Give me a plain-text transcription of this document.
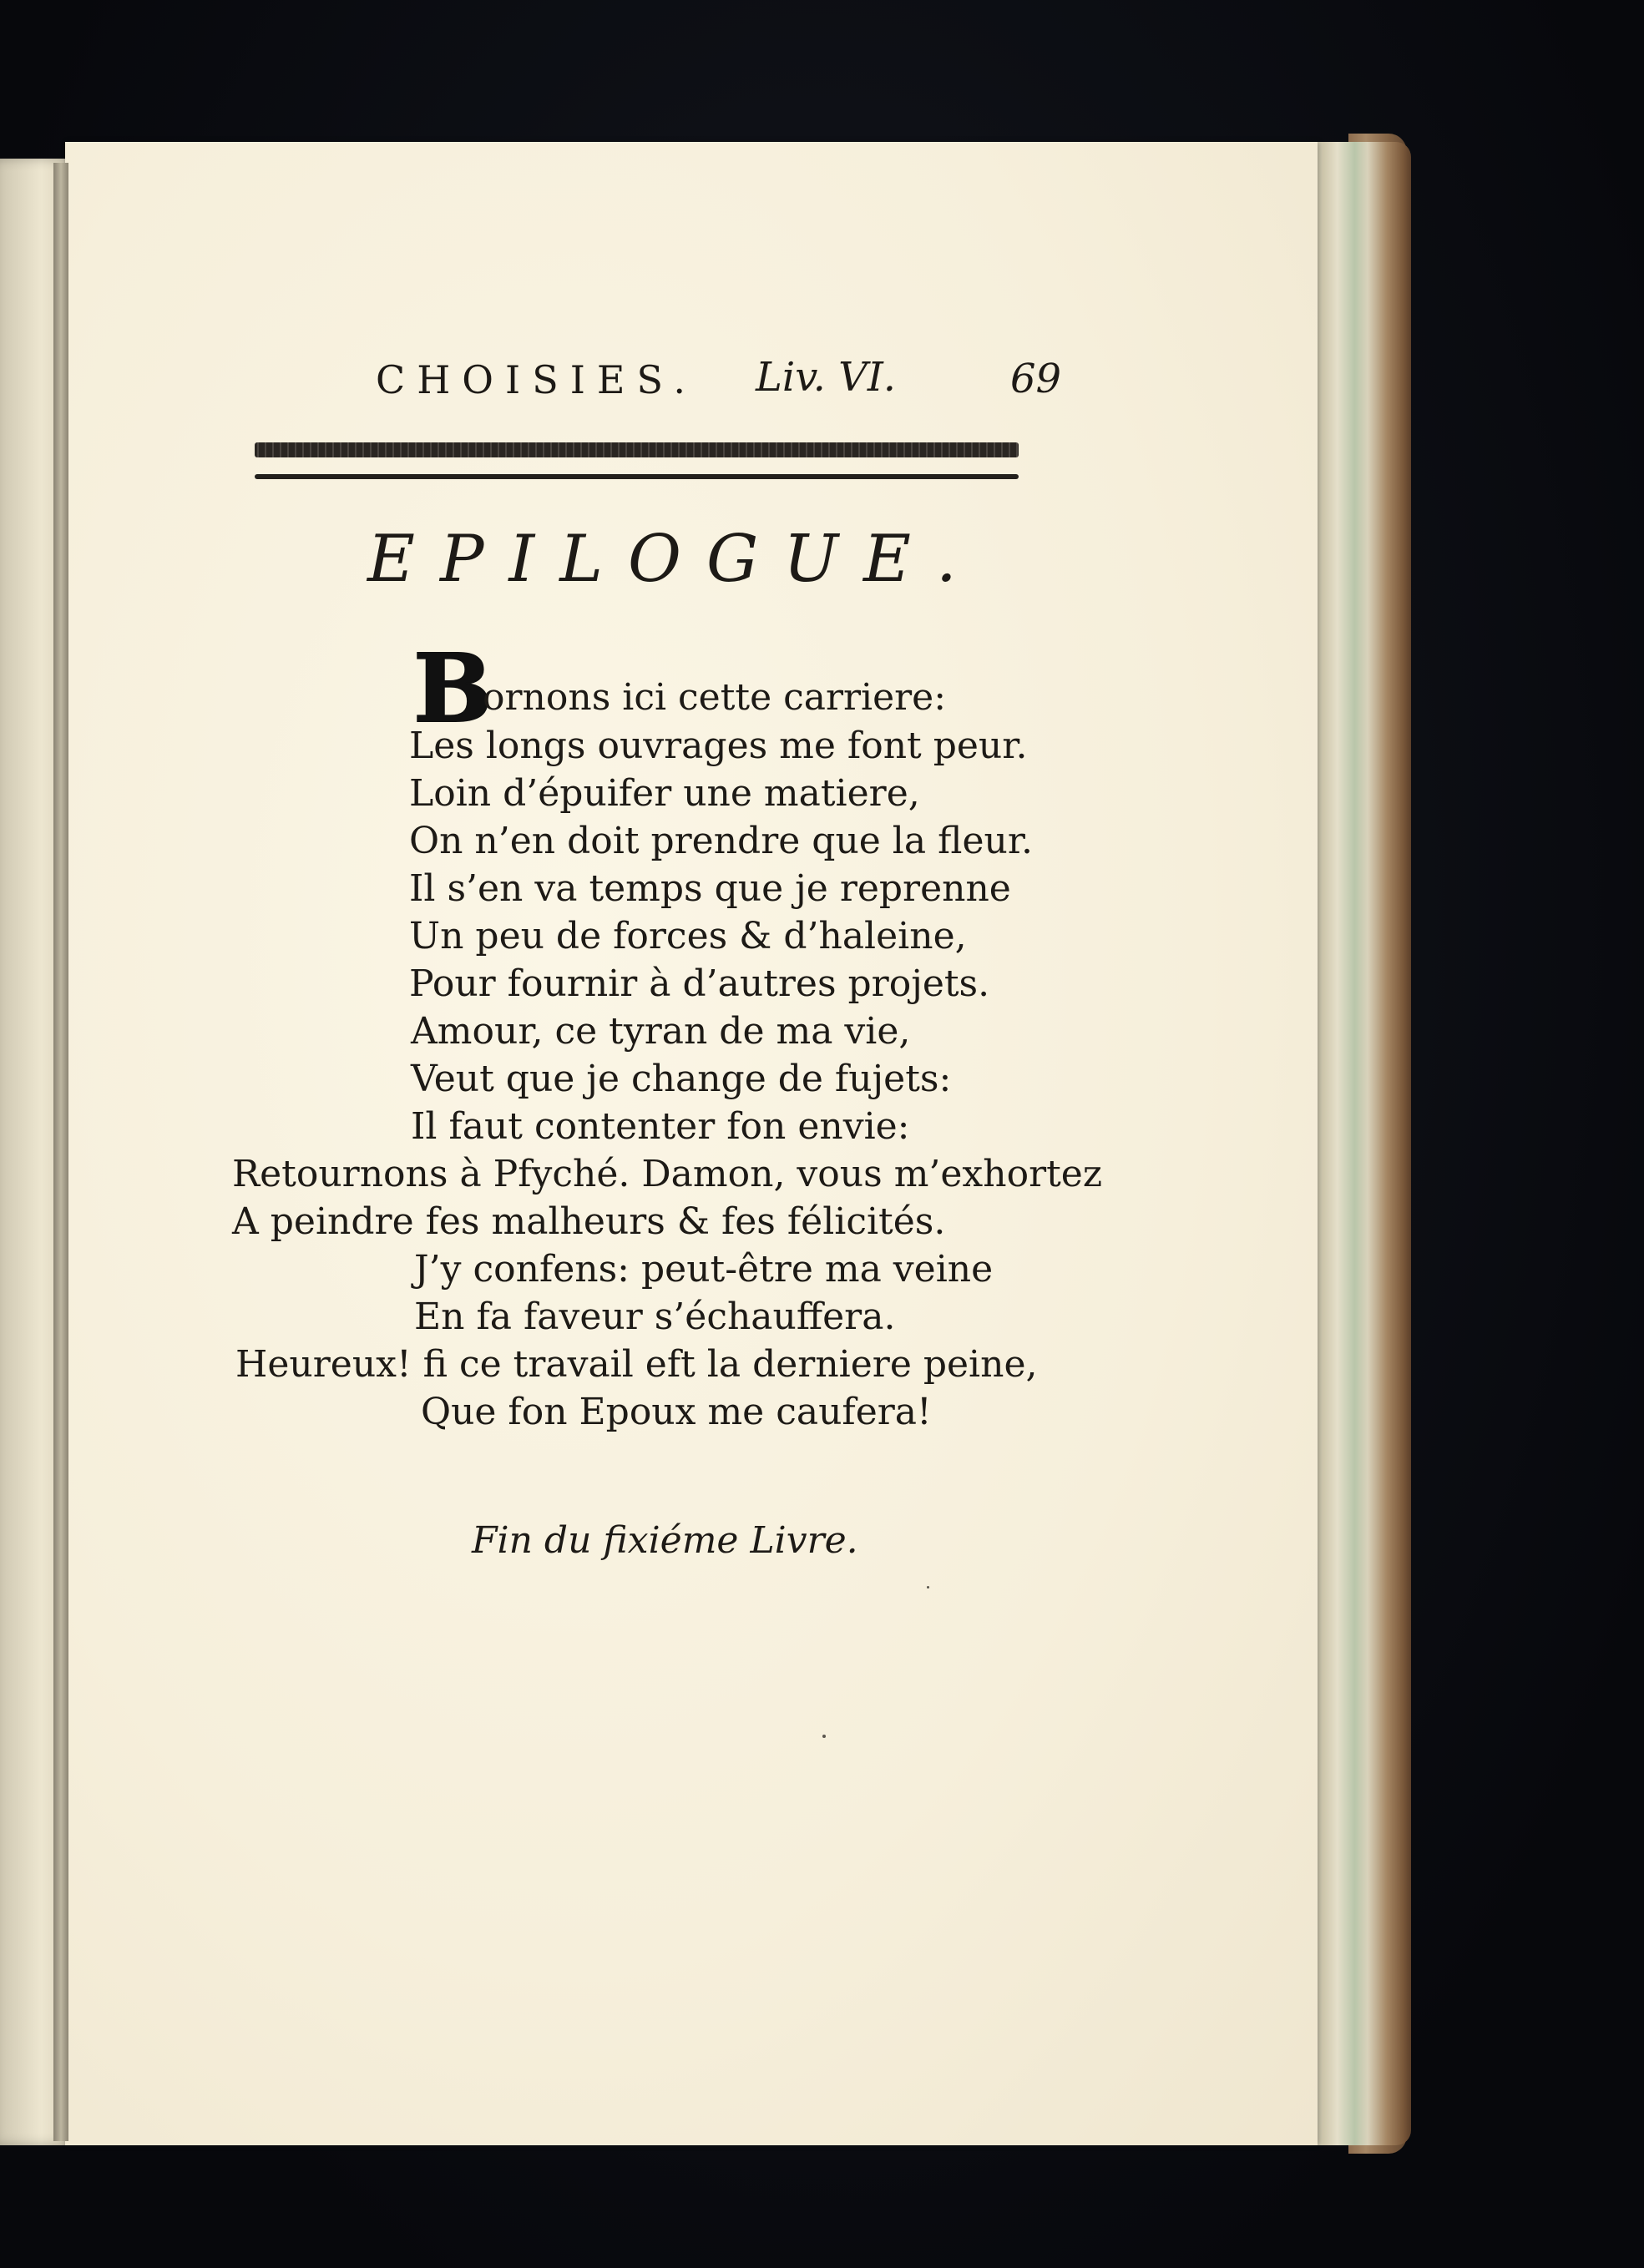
CHOISIES. Liv. VI.	69
EPILOGUE.
B
ornons ici cette carriere:
Les longs ouvrages me font peur.
Loin d’épuifer une matiere,
On n’en doit prendre que la fleur.
Il s’en va temps que je reprenne
Un peu de forces & d’haleine,
Pour fournir à d’autres projets.
Amour, ce tyran de ma vie,
Veut que je change de fujets:
Il faut contenter fon envie:
Retournons à Pfyché. Damon, vous m’exhortez
A peindre fes malheurs & fes félicités.
J’y confens: peut-être ma veine
En fa faveur s’échauffera.
Heureux! fi ce travail eft la derniere peine,
Que fon Epoux me caufera!
Fin du fixiéme Livre.
